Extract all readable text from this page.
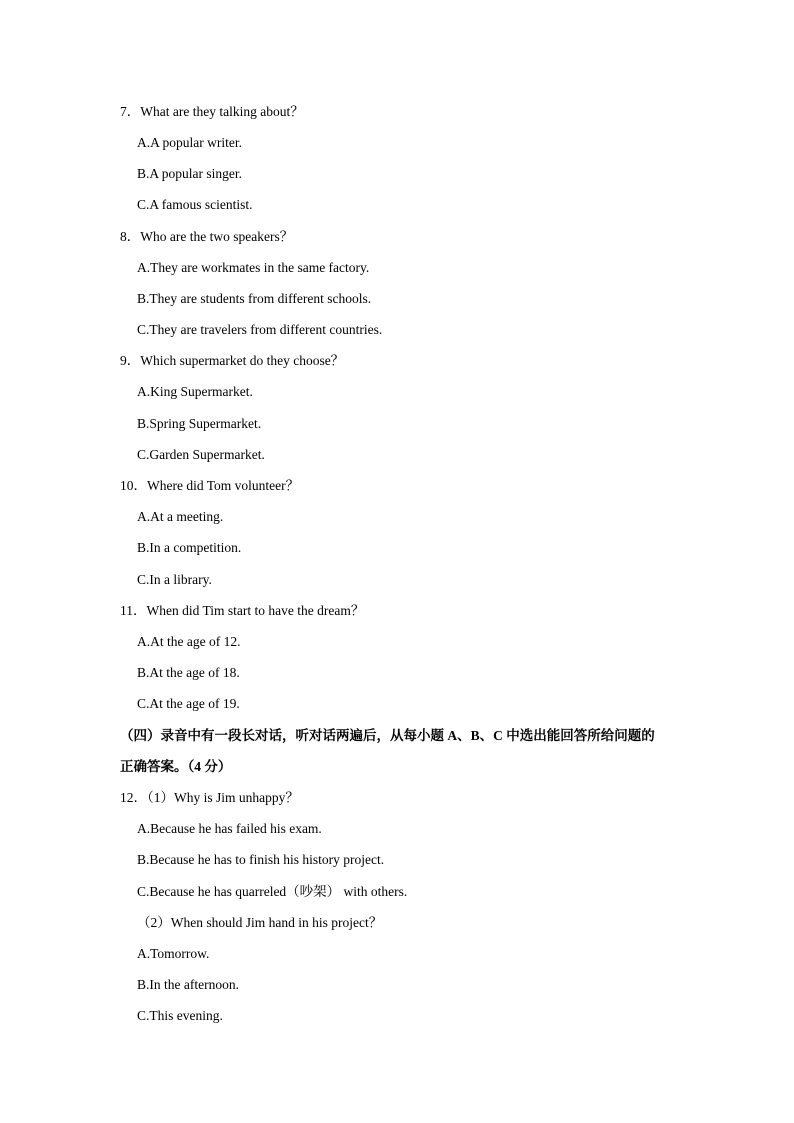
7．What are they talking about？
A.A popular writer.
B.A popular singer.
C.A famous scientist.
8．Who are the two speakers？
A.They are workmates in the same factory.
B.They are students from different schools.
C.They are travelers from different countries.
9．Which supermarket do they choose？
A.King Supermarket.
B.Spring Supermarket.
C.Garden Supermarket.
10．Where did Tom volunteer？
A.At a meeting.
B.In a competition.
C.In a library.
11．When did Tim start to have the dream？
A.At the age of 12.
B.At the age of 18.
C.At the age of 19.
（四）录音中有一段长对话，听对话两遍后，从每小题 A、B、C 中选出能回答所给问题的
正确答案。（4 分）
12．（1）Why is Jim unhappy？
A.Because he has failed his exam.
B.Because he has to finish his history project.
C.Because he has quarreled（吵架） with others.
（2）When should Jim hand in his project？
A.Tomorrow.
B.In the afternoon.
C.This evening.
